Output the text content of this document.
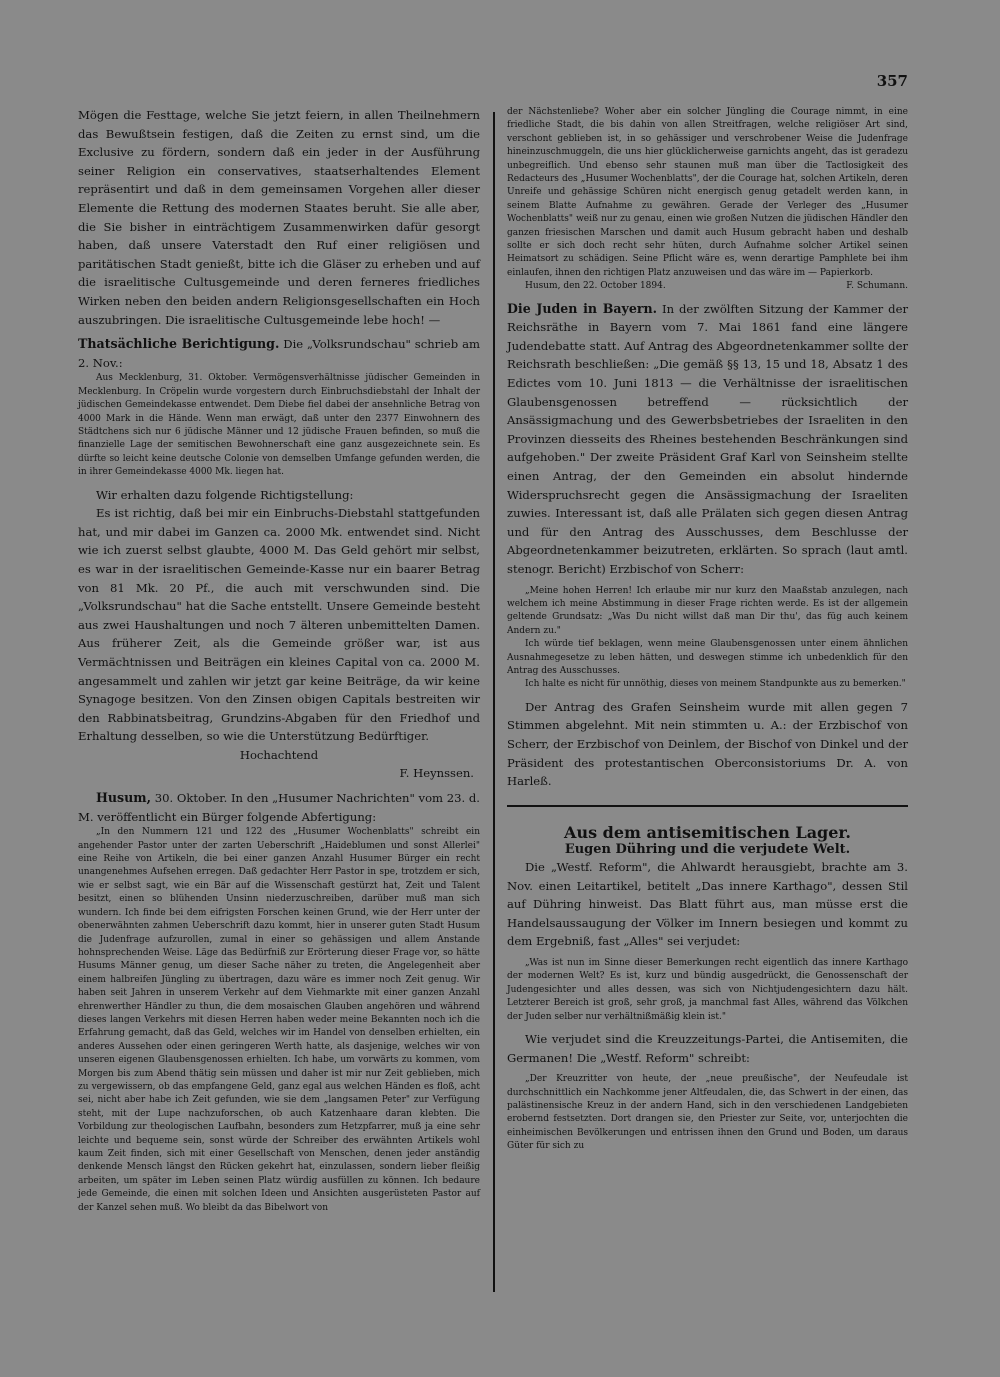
357

Mögen die Festtage, welche Sie jetzt feiern, in allen Theilnehmern das Bewußtsein festigen, daß die Zeiten zu ernst sind, um die Exclusive zu fördern, sondern daß ein jeder in der Ausführung seiner Religion ein conservatives, staatserhaltendes Element repräsentirt und daß in dem gemeinsamen Vorgehen aller dieser Elemente die Rettung des modernen Staates beruht. Sie alle aber, die Sie bisher in einträchtigem Zusammenwirken dafür gesorgt haben, daß unsere Vaterstadt den Ruf einer religiösen und paritätischen Stadt genießt, bitte ich die Gläser zu erheben und auf die israelitische Cultusgemeinde und deren ferneres friedliches Wirken neben den beiden andern Religionsgesellschaften ein Hoch auszubringen. Die israelitische Cultusgemeinde lebe hoch! —

Thatsächliche Berichtigung. Die „Volksrundschau" schrieb am 2. Nov.:

Aus Mecklenburg, 31. Oktober. Vermögensverhältnisse jüdischer Gemeinden in Mecklenburg. In Cröpelin wurde vorgestern durch Einbruchsdiebstahl der Inhalt der jüdischen Gemeindekasse entwendet. Dem Diebe fiel dabei der ansehnliche Betrag von 4000 Mark in die Hände. Wenn man erwägt, daß unter den 2377 Einwohnern des Städtchens sich nur 6 jüdische Männer und 12 jüdische Frauen befinden, so muß die finanzielle Lage der semitischen Bewohnerschaft eine ganz ausgezeichnete sein. Es dürfte so leicht keine deutsche Colonie von demselben Umfange gefunden werden, die in ihrer Gemeindekasse 4000 Mk. liegen hat.

Wir erhalten dazu folgende Richtigstellung:

Es ist richtig, daß bei mir ein Einbruchs-Diebstahl stattgefunden hat, und mir dabei im Ganzen ca. 2000 Mk. entwendet sind. Nicht wie ich zuerst selbst glaubte, 4000 M. Das Geld gehört mir selbst, es war in der israelitischen Gemeinde-Kasse nur ein baarer Betrag von 81 Mk. 20 Pf., die auch mit verschwunden sind. Die „Volksrundschau" hat die Sache entstellt. Unsere Gemeinde besteht aus zwei Haushaltungen und noch 7 älteren unbemittelten Damen. Aus früherer Zeit, als die Gemeinde größer war, ist aus Vermächtnissen und Beiträgen ein kleines Capital von ca. 2000 M. angesammelt und zahlen wir jetzt gar keine Beiträge, da wir keine Synagoge besitzen. Von den Zinsen obigen Capitals bestreiten wir den Rabbinatsbeitrag, Grundzins-Abgaben für den Friedhof und Erhaltung desselben, so wie die Unterstützung Bedürftiger.

Hochachtend

F. Heynssen.

Husum, 30. Oktober. In den „Husumer Nachrichten" vom 23. d. M. veröffentlicht ein Bürger folgende Abfertigung:

„In den Nummern 121 und 122 des „Husumer Wochenblatts" schreibt ein angehender Pastor unter der zarten Ueberschrift „Haideblumen und sonst Allerlei" eine Reihe von Artikeln, die bei einer ganzen Anzahl Husumer Bürger ein recht unangenehmes Aufsehen erregen. Daß gedachter Herr Pastor in spe, trotzdem er sich, wie er selbst sagt, wie ein Bär auf die Wissenschaft gestürzt hat, Zeit und Talent besitzt, einen so blühenden Unsinn niederzuschreiben, darüber muß man sich wundern. Ich finde bei dem eifrigsten Forschen keinen Grund, wie der Herr unter der obenerwähnten zahmen Ueberschrift dazu kommt, hier in unserer guten Stadt Husum die Judenfrage aufzurollen, zumal in einer so gehässigen und allem Anstande hohnsprechenden Weise. Läge das Bedürfniß zur Erörterung dieser Frage vor, so hätte Husums Männer genug, um dieser Sache näher zu treten, die Angelegenheit aber einem halbreifen Jüngling zu übertragen, dazu wäre es immer noch Zeit genug. Wir haben seit Jahren in unserem Verkehr auf dem Viehmarkte mit einer ganzen Anzahl ehrenwerther Händler zu thun, die dem mosaischen Glauben angehören und während dieses langen Verkehrs mit diesen Herren haben weder meine Bekannten noch ich die Erfahrung gemacht, daß das Geld, welches wir im Handel von denselben erhielten, ein anderes Aussehen oder einen geringeren Werth hatte, als dasjenige, welches wir von unseren eigenen Glaubensgenossen erhielten. Ich habe, um vorwärts zu kommen, vom Morgen bis zum Abend thätig sein müssen und daher ist mir nur Zeit geblieben, mich zu vergewissern, ob das empfangene Geld, ganz egal aus welchen Händen es floß, acht sei, nicht aber habe ich Zeit gefunden, wie sie dem „langsamen Peter" zur Verfügung steht, mit der Lupe nachzuforschen, ob auch Katzenhaare daran klebten. Die Vorbildung zur theologischen Laufbahn, besonders zum Hetzpfarrer, muß ja eine sehr leichte und bequeme sein, sonst würde der Schreiber des erwähnten Artikels wohl kaum Zeit finden, sich mit einer Gesellschaft von Menschen, denen jeder anständig denkende Mensch längst den Rücken gekehrt hat, einzulassen, sondern lieber fleißig arbeiten, um später im Leben seinen Platz würdig ausfüllen zu können. Ich bedaure jede Gemeinde, die einen mit solchen Ideen und Ansichten ausgerüsteten Pastor auf der Kanzel sehen muß. Wo bleibt da das Bibelwort von

der Nächstenliebe? Woher aber ein solcher Jüngling die Courage nimmt, in eine friedliche Stadt, die bis dahin von allen Streitfragen, welche religiöser Art sind, verschont geblieben ist, in so gehässiger und verschrobener Weise die Judenfrage hineinzuschmuggeln, die uns hier glücklicherweise garnichts angeht, das ist geradezu unbegreiflich. Und ebenso sehr staunen muß man über die Tactlosigkeit des Redacteurs des „Husumer Wochenblatts", der die Courage hat, solchen Artikeln, deren Unreife und gehässige Schüren nicht energisch genug getadelt werden kann, in seinem Blatte Aufnahme zu gewähren. Gerade der Verleger des „Husumer Wochenblatts" weiß nur zu genau, einen wie großen Nutzen die jüdischen Händler den ganzen friesischen Marschen und damit auch Husum gebracht haben und deshalb sollte er sich doch recht sehr hüten, durch Aufnahme solcher Artikel seinen Heimatsort zu schädigen. Seine Pflicht wäre es, wenn derartige Pamphlete bei ihm einlaufen, ihnen den richtigen Platz anzuweisen und das wäre im — Papierkorb.

Husum, den 22. October 1894.	F. Schumann.

Die Juden in Bayern. In der zwölften Sitzung der Kammer der Reichsräthe in Bayern vom 7. Mai 1861 fand eine längere Judendebatte statt. Auf Antrag des Abgeordnetenkammer sollte der Reichsrath beschließen: „Die gemäß §§ 13, 15 und 18, Absatz 1 des Edictes vom 10. Juni 1813 — die Verhältnisse der israelitischen Glaubensgenossen betreffend — rücksichtlich der Ansässigmachung und des Gewerbsbetriebes der Israeliten in den Provinzen diesseits des Rheines bestehenden Beschränkungen sind aufgehoben." Der zweite Präsident Graf Karl von Seinsheim stellte einen Antrag, der den Gemeinden ein absolut hindernde Widerspruchsrecht gegen die Ansässigmachung der Israeliten zuwies. Interessant ist, daß alle Prälaten sich gegen diesen Antrag und für den Antrag des Ausschusses, dem Beschlusse der Abgeordnetenkammer beizutreten, erklärten. So sprach (laut amtl. stenogr. Bericht) Erzbischof von Scherr:

„Meine hohen Herren! Ich erlaube mir nur kurz den Maaßstab anzulegen, nach welchem ich meine Abstimmung in dieser Frage richten werde. Es ist der allgemein geltende Grundsatz: „Was Du nicht willst daß man Dir thu', das füg auch keinem Andern zu."

Ich würde tief beklagen, wenn meine Glaubensgenossen unter einem ähnlichen Ausnahmegesetze zu leben hätten, und deswegen stimme ich unbedenklich für den Antrag des Ausschusses.

Ich halte es nicht für unnöthig, dieses von meinem Standpunkte aus zu bemerken."

Der Antrag des Grafen Seinsheim wurde mit allen gegen 7 Stimmen abgelehnt. Mit nein stimmten u. A.: der Erzbischof von Scherr, der Erzbischof von Deinlem, der Bischof von Dinkel und der Präsident des protestantischen Oberconsistoriums Dr. A. von Harleß.

Aus dem antisemitischen Lager.
Eugen Dühring und die verjudete Welt.

Die „Westf. Reform", die Ahlwardt herausgiebt, brachte am 3. Nov. einen Leitartikel, betitelt „Das innere Karthago", dessen Stil auf Dühring hinweist. Das Blatt führt aus, man müsse erst die Handelsaussaugung der Völker im Innern besiegen und kommt zu dem Ergebniß, fast „Alles" sei verjudet:

„Was ist nun im Sinne dieser Bemerkungen recht eigentlich das innere Karthago der modernen Welt? Es ist, kurz und bündig ausgedrückt, die Genossenschaft der Judengesichter und alles dessen, was sich von Nichtjudengesichtern dazu hält. Letzterer Bereich ist groß, sehr groß, ja manchmal fast Alles, während das Völkchen der Juden selber nur verhältnißmäßig klein ist."

Wie verjudet sind die Kreuzzeitungs-Partei, die Antisemiten, die Germanen! Die „Westf. Reform" schreibt:

„Der Kreuzritter von heute, der „neue preußische", der Neufeudale ist durchschnittlich ein Nachkomme jener Altfeudalen, die, das Schwert in der einen, das palästinensische Kreuz in der andern Hand, sich in den verschiedenen Landgebieten erobernd festsetzten. Dort drangen sie, den Priester zur Seite, vor, unterjochten die einheimischen Bevölkerungen und entrissen ihnen den Grund und Boden, um daraus Güter für sich zu
